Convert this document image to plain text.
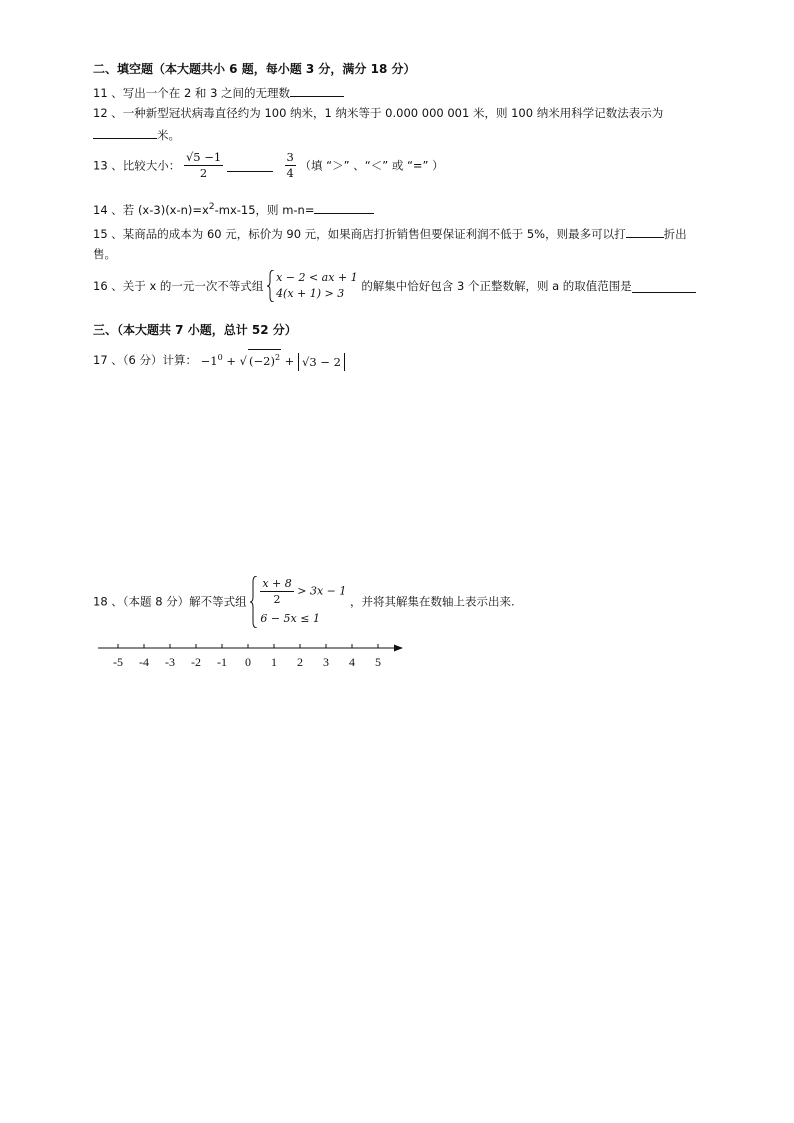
二、填空题（本大题共小 6 题，每小题 3 分，满分 18 分）
11 、写出一个在 2 和 3 之间的无理数
12 、一种新型冠状病毒直径约为 100 纳米，1 纳米等于 0.000 000 001 米，则 100 纳米用科学记数法表示为
米。
13 、比较大小： $\frac{√5 -1}{2}$
	$\frac{3}{4}$ （填 “＞” 、“＜” 或 “=” ）
14 、若 $(x-3)(x-n)=x^2-mx-15$，则 m-n=
15 、某商品的成本为 60 元，标价为 90 元，如果商店打折销售但要保证利润不低于 5%，则最多可以打	折出
售。
16 、关于 x 的一元一次不等式组
x − 2 < ax + 1
4(x + 1) > 3
的解集中恰好包含 3 个正整数解，则 a 的取值范围是
三、（本大题共 7 小题，总计 52 分）
17 、（6 分）计算： $-1^0$ + √ $(-2)^2 + √3 - 2$
18 、（本题 8 分）解不等式组 $\frac{x + 8}{2} > 3x - 1$
6 − 5x ≤ 1
，并将其解集在数轴上表示出来.
-5 -4 -3 -2 -1 0 1 2 3 4 5
